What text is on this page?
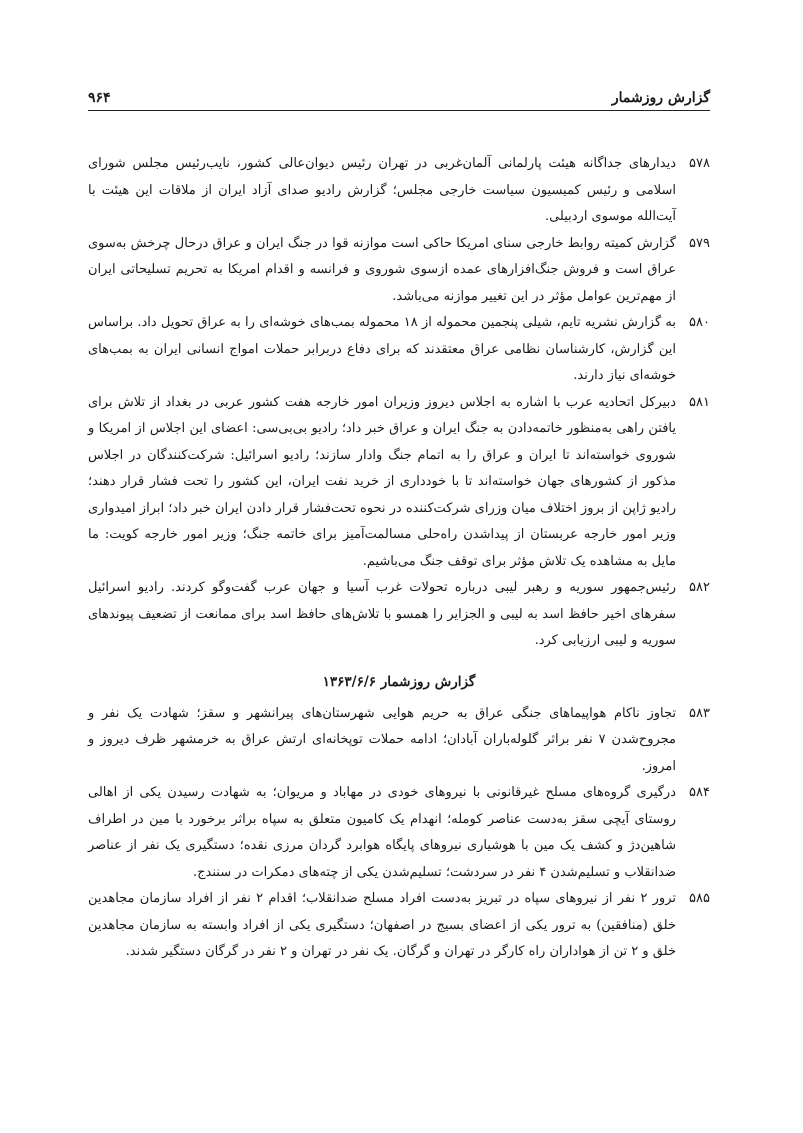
گزارش روزشمار
۹۶۴
۵۷۸
دیدارهای جداگانه هیئت پارلمانی آلمان‌غربی در تهران رئیس دیوان‌عالی کشور، نایب‌رئیس مجلس شورای اسلامی و رئیس کمیسیون سیاست خارجی مجلس؛ گزارش رادیو صدای آزاد ایران از ملاقات این هیئت با آیت‌الله موسوی اردبیلی.
۵۷۹
گزارش کمیته روابط خارجی سنای امریکا حاکی است موازنه قوا در جنگ ایران و عراق درحال چرخش به‌سوی عراق است و فروش جنگ‌افزارهای عمده ازسوی شوروی و فرانسه و اقدام امریکا به تحریم تسلیحاتی ایران از مهم‌ترین عوامل مؤثر در این تغییر موازنه می‌باشد.
۵۸۰
به گزارش نشریه تایم، شیلی پنجمین محموله از ۱۸ محموله بمب‌های خوشه‌ای را به عراق تحویل داد. براساس این گزارش، کارشناسان نظامی عراق معتقدند که برای دفاع دربرابر حملات امواج انسانی ایران به بمب‌های خوشه‌ای نیاز دارند.
۵۸۱
دبیرکل اتحادیه عرب با اشاره به اجلاس دیروز وزیران امور خارجه هفت کشور عربی در بغداد از تلاش برای یافتن راهی به‌منظور خاتمه‌دادن به جنگ ایران و عراق خبر داد؛ رادیو بی‌بی‌سی: اعضای این اجلاس از امریکا و شوروی خواسته‌اند تا ایران و عراق را به اتمام جنگ وادار سازند؛ رادیو اسرائیل: شرکت‌کنندگان در اجلاس مذکور از کشورهای جهان خواسته‌اند تا با خودداری از خرید نفت ایران، این کشور را تحت فشار قرار دهند؛ رادیو ژاپن از بروز اختلاف میان وزرای شرکت‌کننده در نحوه تحت‌فشار قرار دادن ایران خبر داد؛ ابراز امیدواری وزیر امور خارجه عربستان از پیداشدن راه‌حلی مسالمت‌آمیز برای خاتمه جنگ؛ وزیر امور خارجه کویت: ما مایل به مشاهده یک تلاش مؤثر برای توقف جنگ می‌باشیم.
۵۸۲
رئیس‌جمهور سوریه و رهبر لیبی درباره تحولات غرب آسیا و جهان عرب گفت‌وگو کردند. رادیو اسرائیل سفرهای اخیر حافظ اسد به لیبی و الجزایر را همسو با تلاش‌های حافظ اسد برای ممانعت از تضعیف پیوندهای سوریه و لیبی ارزیابی کرد.
گزارش روزشمار ۱۳۶۳/۶/۶
۵۸۳
تجاوز ناکام هواپیماهای جنگی عراق به حریم هوایی شهرستان‌های پیرانشهر و سقز؛ شهادت یک نفر و مجروح‌شدن ۷ نفر براثر گلوله‌باران آبادان؛ ادامه حملات توپخانه‌ای ارتش عراق به خرمشهر ظرف دیروز و امروز.
۵۸۴
درگیری گروه‌های مسلح غیرقانونی با نیروهای خودی در مهاباد و مریوان؛ به شهادت رسیدن یکی از اهالی روستای آیچی سقز به‌دست عناصر کومله؛ انهدام یک کامیون متعلق به سپاه براثر برخورد با مین در اطراف شاهین‌دژ و کشف یک مین با هوشیاری نیروهای پایگاه هوابرد گردان مرزی نقده؛ دستگیری یک نفر از عناصر ضدانقلاب و تسلیم‌شدن ۴ نفر در سردشت؛ تسلیم‌شدن یکی از چته‌های دمکرات در سنندج.
۵۸۵
ترور ۲ نفر از نیروهای سپاه در تبریز به‌دست افراد مسلح ضدانقلاب؛ اقدام ۲ نفر از افراد سازمان مجاهدین خلق (منافقین) به ترور یکی از اعضای بسیج در اصفهان؛ دستگیری یکی از افراد وابسته به سازمان مجاهدین خلق و ۲ تن از هواداران راه کارگر در تهران و گرگان. یک نفر در تهران و ۲ نفر در گرگان دستگیر شدند.
